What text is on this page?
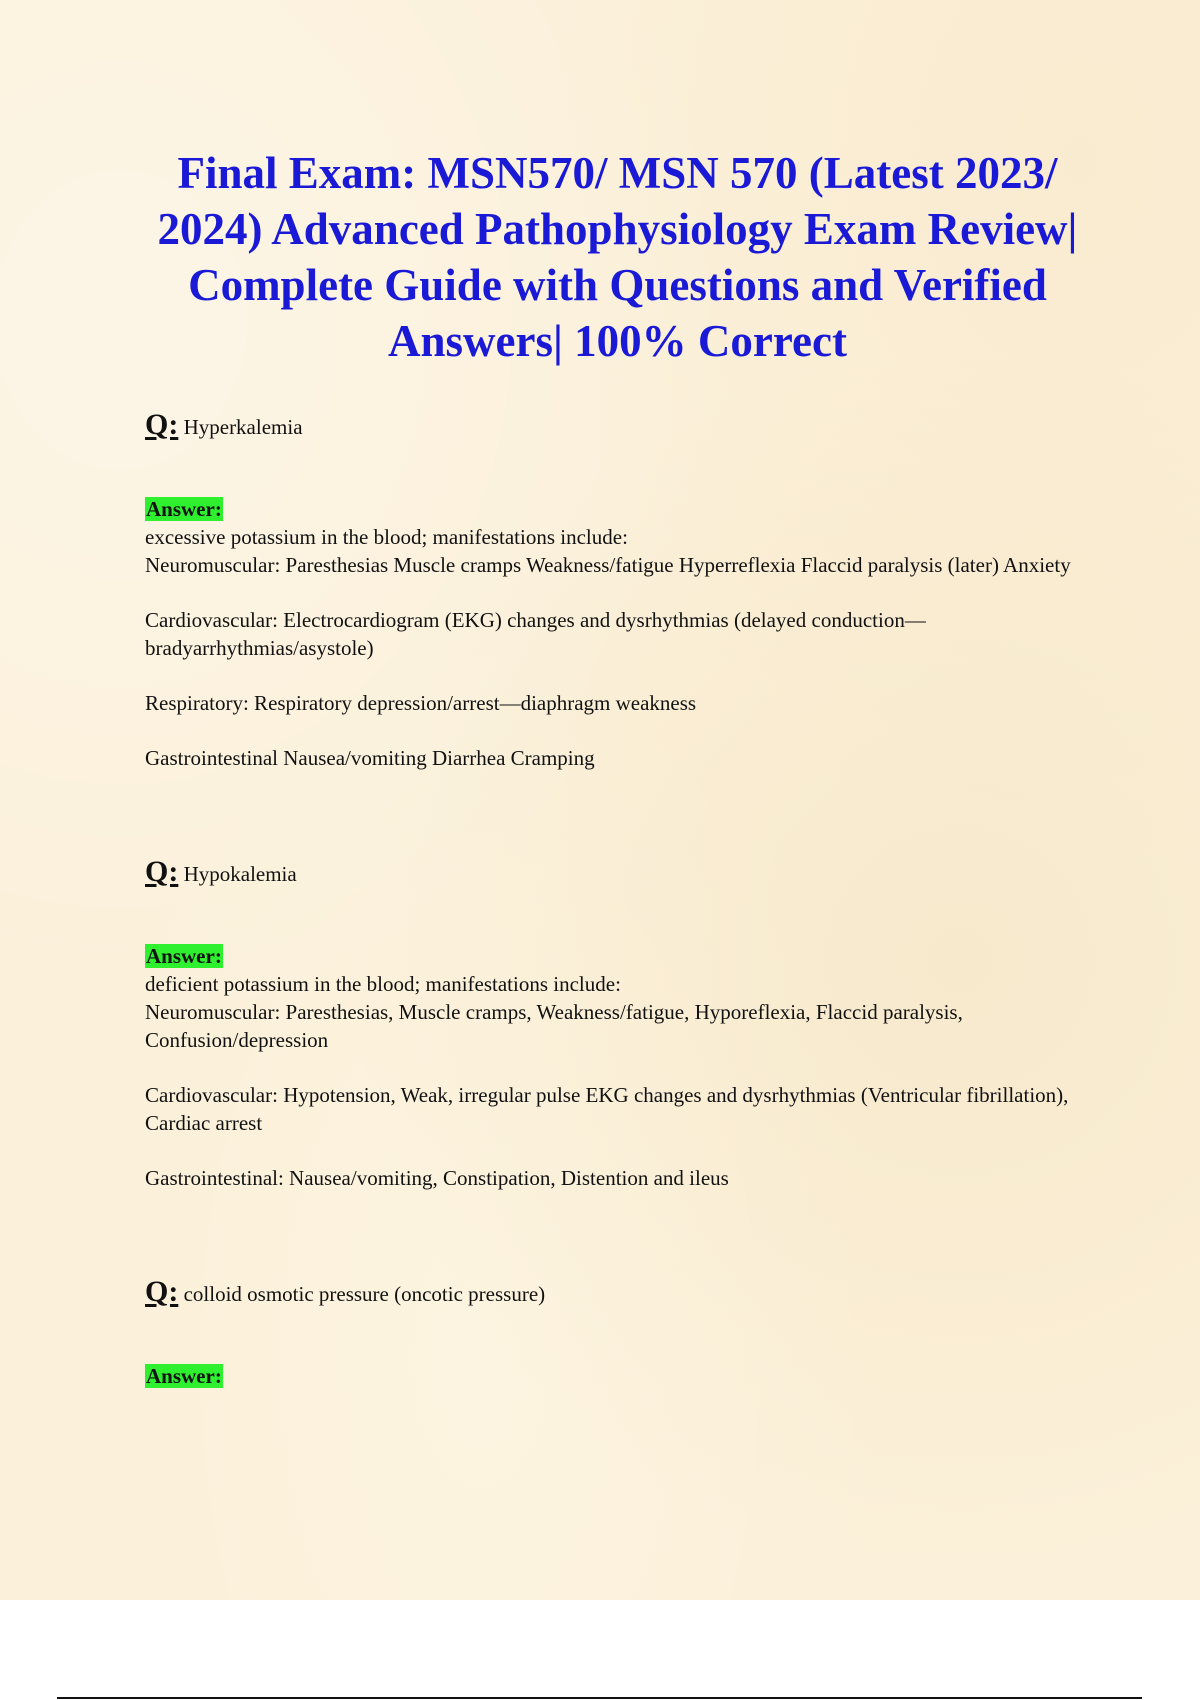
Final Exam: MSN570/ MSN 570 (Latest 2023/ 2024) Advanced Pathophysiology Exam Review| Complete Guide with Questions and Verified Answers| 100% Correct

Q: Hyperkalemia

Answer:

excessive potassium in the blood; manifestations include:

Neuromuscular: Paresthesias Muscle cramps Weakness/fatigue Hyperreflexia Flaccid paralysis (later) Anxiety

Cardiovascular: Electrocardiogram (EKG) changes and dysrhythmias (delayed conduction—bradyarrhythmias/asystole)

Respiratory: Respiratory depression/arrest—diaphragm weakness

Gastrointestinal Nausea/vomiting Diarrhea Cramping

Q: Hypokalemia

Answer:

deficient potassium in the blood; manifestations include:

Neuromuscular: Paresthesias, Muscle cramps, Weakness/fatigue, Hyporeflexia, Flaccid paralysis, Confusion/depression

Cardiovascular: Hypotension, Weak, irregular pulse EKG changes and dysrhythmias (Ventricular fibrillation), Cardiac arrest

Gastrointestinal: Nausea/vomiting, Constipation, Distention and ileus

Q: colloid osmotic pressure (oncotic pressure)

Answer:
